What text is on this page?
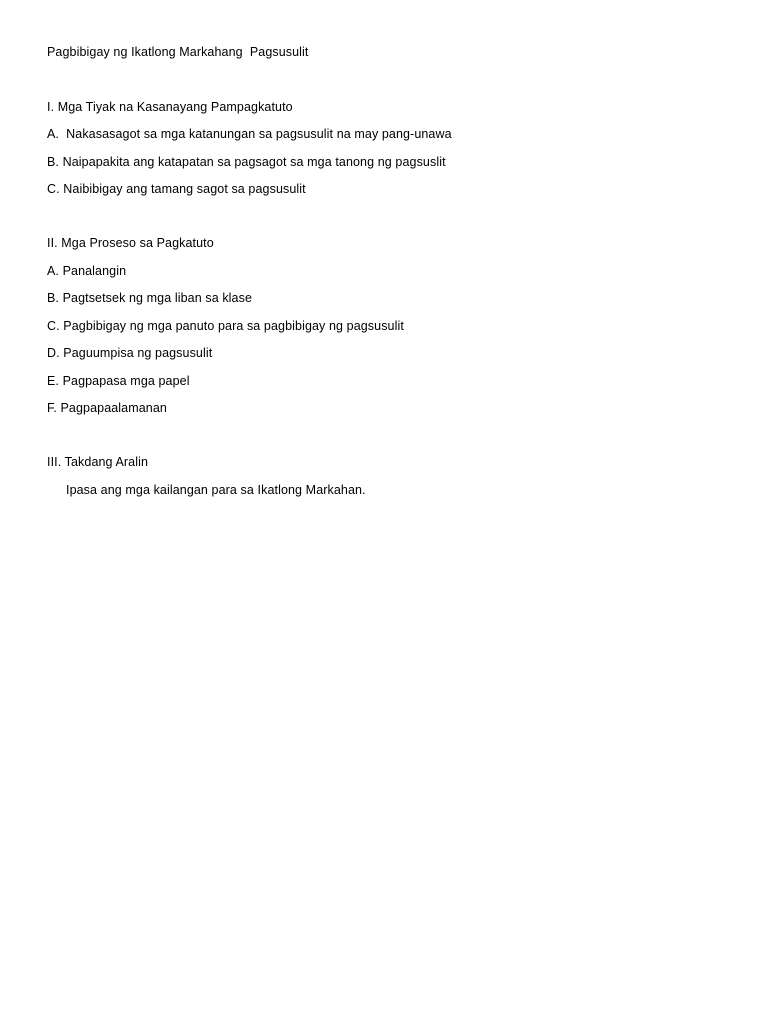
Pagbibigay ng Ikatlong Markahang  Pagsusulit
I. Mga Tiyak na Kasanayang Pampagkatuto
A.  Nakasasagot sa mga katanungan sa pagsusulit na may pang-unawa
B. Naipapakita ang katapatan sa pagsagot sa mga tanong ng pagsuslit
C. Naibibigay ang tamang sagot sa pagsusulit
II. Mga Proseso sa Pagkatuto
A. Panalangin
B. Pagtsetsek ng mga liban sa klase
C. Pagbibigay ng mga panuto para sa pagbibigay ng pagsusulit
D. Paguumpisa ng pagsusulit
E. Pagpapasa mga papel
F. Pagpapaalamanan
III. Takdang Aralin
Ipasa ang mga kailangan para sa Ikatlong Markahan.
